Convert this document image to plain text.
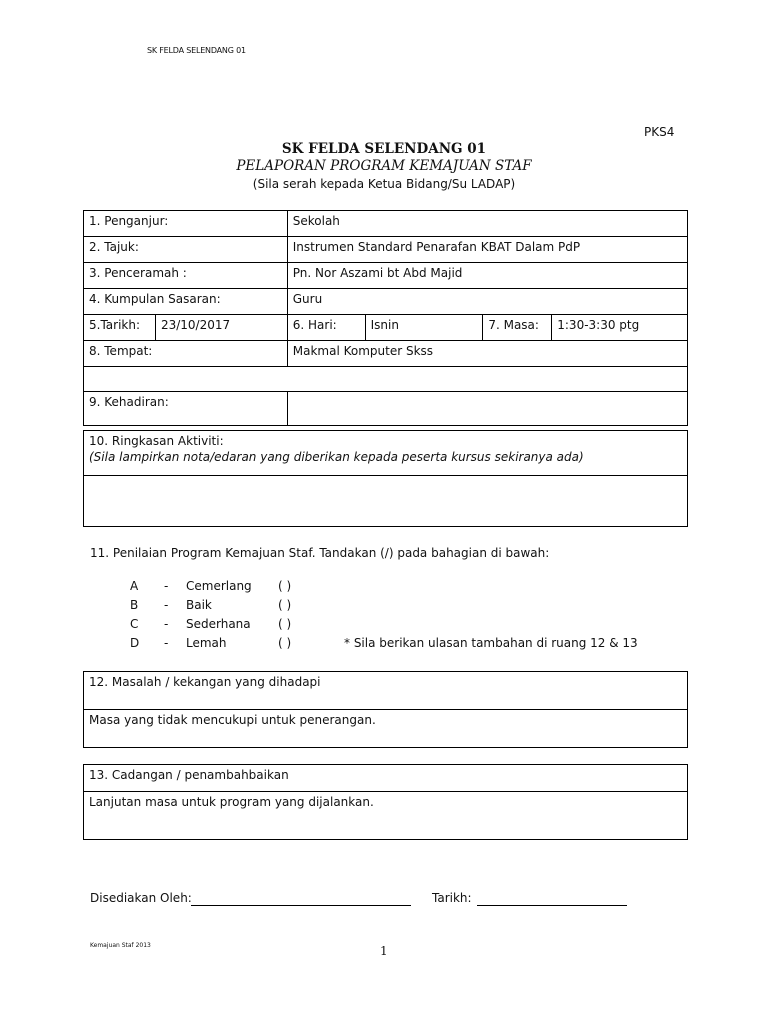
SK FELDA SELENDANG 01
PKS4
SK FELDA SELENDANG 01
PELAPORAN PROGRAM KEMAJUAN STAF
(Sila serah kepada Ketua Bidang/Su LADAP)
1. Penganjur:		Sekolah			
2. Tajuk:		Instrumen Standard Penarafan KBAT Dalam PdP			
3. Penceramah :		Pn. Nor Aszami bt Abd Majid			
4. Kumpulan Sasaran:		Guru			
5.Tarikh:	23/10/2017	6. Hari:	Isnin	7. Masa:	1:30-3:30 ptg
8. Tempat:		Makmal Komputer Skss			

9. Kehadiran:					
10. Ringkasan Aktiviti:
(Sila lampirkan nota/edaran yang diberikan kepada peserta kursus sekiranya ada)
11. Penilaian Program Kemajuan Staf. Tandakan (/) pada bahagian di bawah:
A - Cemerlang ( )
B - Baik	( )
C - Sederhana ( )
D - Lemah	( )	* Sila berikan ulasan tambahan di ruang 12 & 13
12. Masalah / kekangan yang dihadapi
Masa yang tidak mencukupi untuk penerangan.
13. Cadangan / penambahbaikan
Lanjutan masa untuk program yang dijalankan.
Disediakan Oleh:	Tarikh:
Kemajuan Staf 2013	1
